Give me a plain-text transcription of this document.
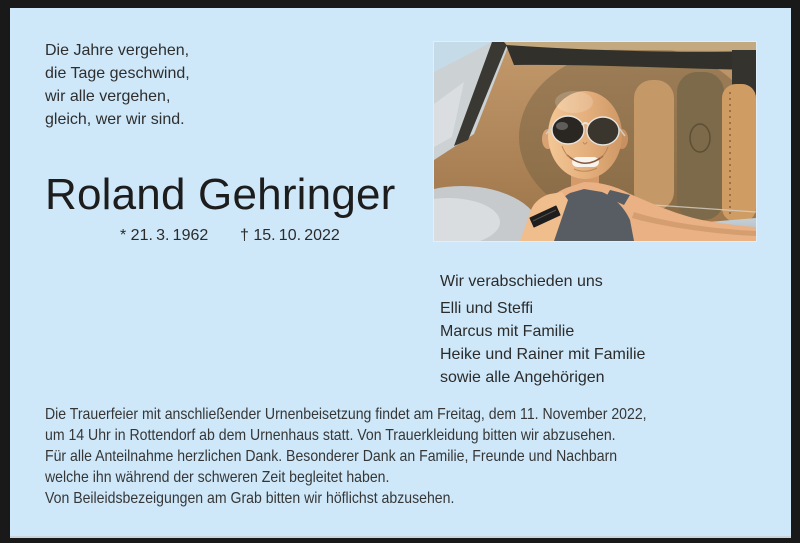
Die Jahre vergehen,
die Tage geschwind,
wir alle vergehen,
gleich, wer wir sind.
Roland Gehringer
* 21. 3. 1962 † 15. 10. 2022
Wir verabschieden uns
Elli und Steffi
Marcus mit Familie
Heike und Rainer mit Familie
sowie alle Angehörigen
Die Trauerfeier mit anschließender Urnenbeisetzung findet am Freitag, dem 11. November 2022,
um 14 Uhr in Rottendorf ab dem Urnenhaus statt. Von Trauerkleidung bitten wir abzusehen.
Für alle Anteilnahme herzlichen Dank. Besonderer Dank an Familie, Freunde und Nachbarn
welche ihn während der schweren Zeit begleitet haben.
Von Beileidsbezeigungen am Grab bitten wir höflichst abzusehen.
